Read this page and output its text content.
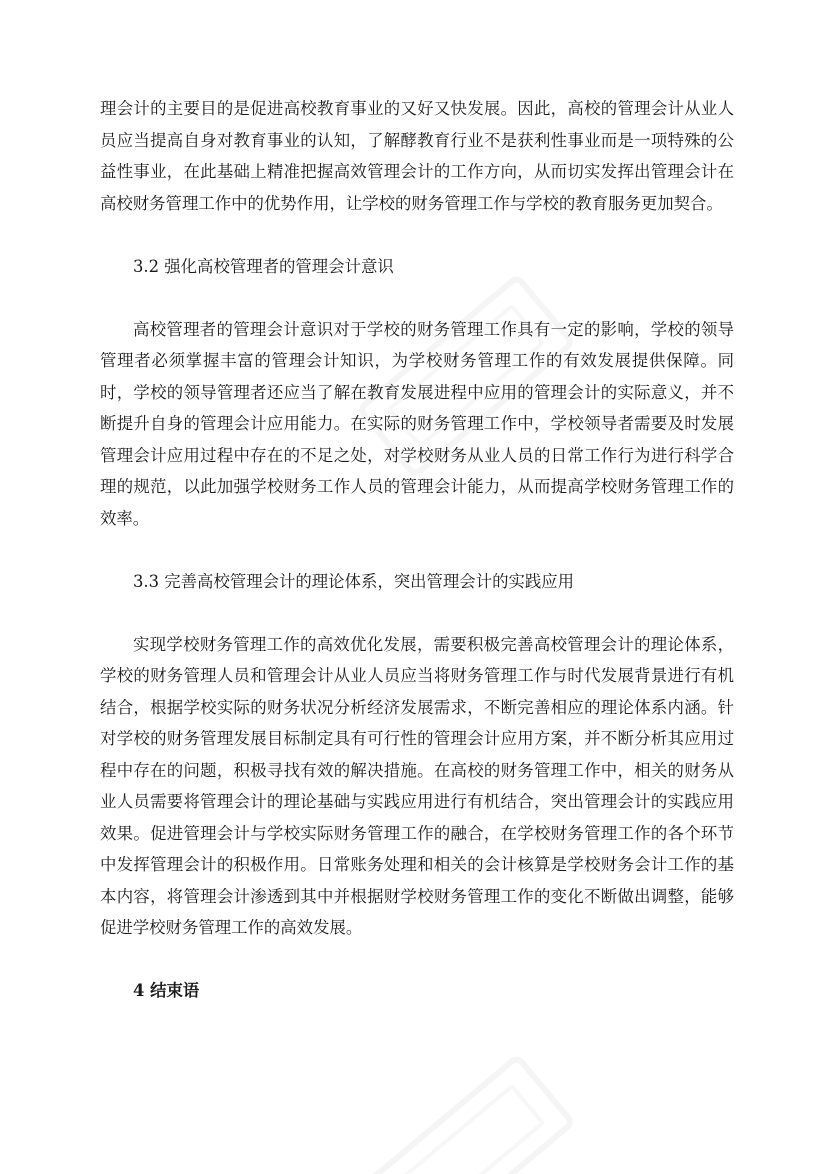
理会计的主要目的是促进高校教育事业的又好又快发展。因此，高校的管理会计从业人员应当提高自身对教育事业的认知，了解酵教育行业不是获利性事业而是一项特殊的公益性事业，在此基础上精准把握高效管理会计的工作方向，从而切实发挥出管理会计在高校财务管理工作中的优势作用，让学校的财务管理工作与学校的教育服务更加契合。

3.2 强化高校管理者的管理会计意识

高校管理者的管理会计意识对于学校的财务管理工作具有一定的影响，学校的领导管理者必须掌握丰富的管理会计知识，为学校财务管理工作的有效发展提供保障。同时，学校的领导管理者还应当了解在教育发展进程中应用的管理会计的实际意义，并不断提升自身的管理会计应用能力。在实际的财务管理工作中，学校领导者需要及时发展管理会计应用过程中存在的不足之处，对学校财务从业人员的日常工作行为进行科学合理的规范，以此加强学校财务工作人员的管理会计能力，从而提高学校财务管理工作的效率。

3.3 完善高校管理会计的理论体系，突出管理会计的实践应用

实现学校财务管理工作的高效优化发展，需要积极完善高校管理会计的理论体系，学校的财务管理人员和管理会计从业人员应当将财务管理工作与时代发展背景进行有机结合，根据学校实际的财务状况分析经济发展需求，不断完善相应的理论体系内涵。针对学校的财务管理发展目标制定具有可行性的管理会计应用方案，并不断分析其应用过程中存在的问题，积极寻找有效的解决措施。在高校的财务管理工作中，相关的财务从业人员需要将管理会计的理论基础与实践应用进行有机结合，突出管理会计的实践应用效果。促进管理会计与学校实际财务管理工作的融合，在学校财务管理工作的各个环节中发挥管理会计的积极作用。日常账务处理和相关的会计核算是学校财务会计工作的基本内容，将管理会计渗透到其中并根据财学校财务管理工作的变化不断做出调整，能够促进学校财务管理工作的高效发展。

4 结束语
